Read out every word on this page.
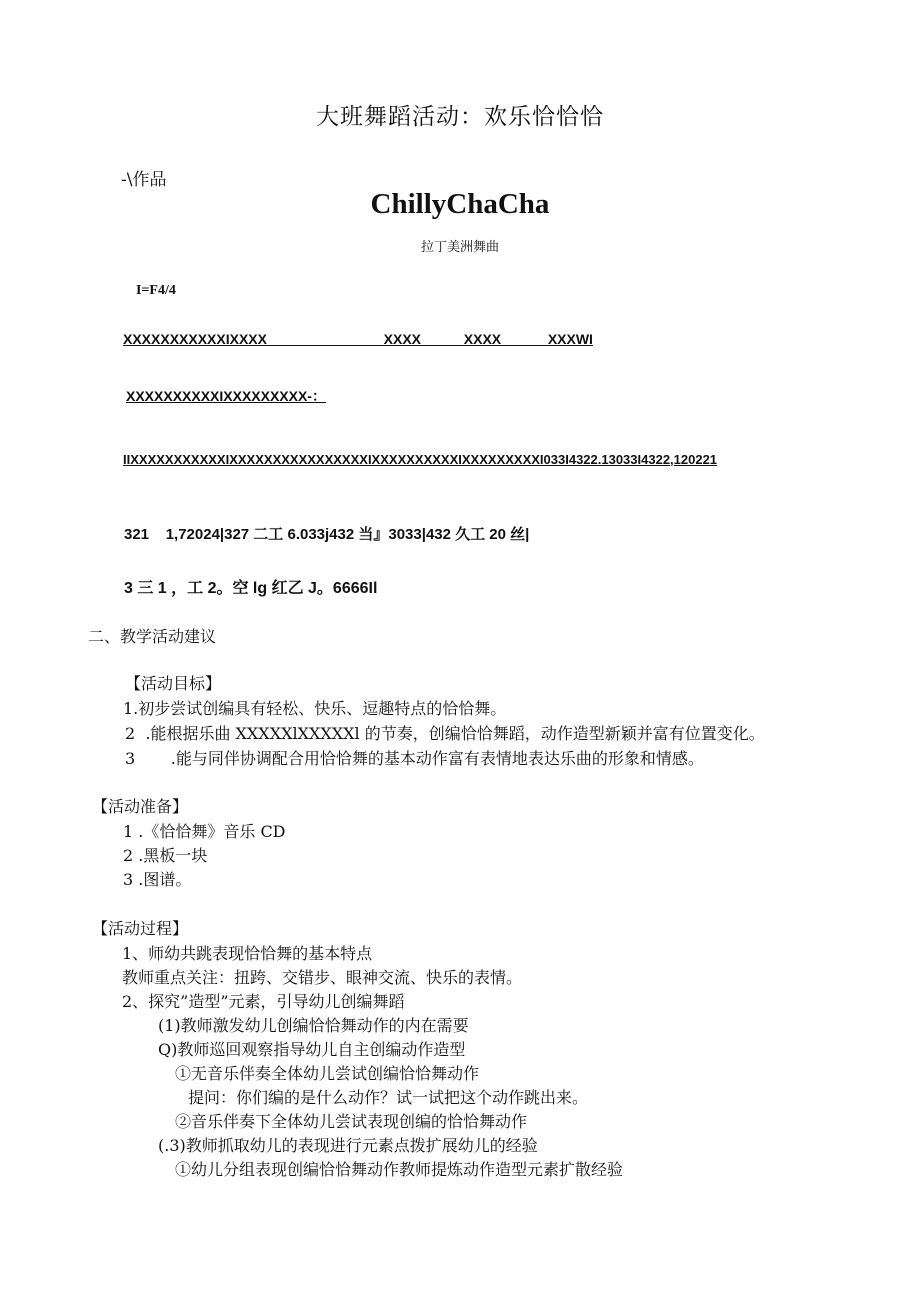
大班舞蹈活动：欢乐恰恰恰
-\作品
ChillyChaCha
拉丁美洲舞曲
I=F4/4
XXXXXXXXXXXIXXXX                              XXXX           XXXX            XXXWI
XXXXXXXXXXIXXXXXXXXX-：
IIXXXXXXXXXXXIXXXXXXXXXXXXXXXXIXXXXXXXXXXIXXXXXXXXXI033I4322.13033I4322,120221
321    1,72024|327 二工 6.033j432 当』3033|432 久工 20 丝|
3 三 1 ，工 2。空 lg 红乙 J。6666Il
二、教学活动建议
【活动目标】
1.初步尝试创编具有轻松、快乐、逗趣特点的恰恰舞。
2  .能根据乐曲 XXXXXlXXXXXl 的节奏，创编恰恰舞蹈，动作造型新颖并富有位置变化。
3       .能与同伴协调配合用恰恰舞的基本动作富有表情地表达乐曲的形象和情感。
【活动准备】
1 .《恰恰舞》音乐 CD
2 .黑板一块
3 .图谱。
【活动过程】
1、师幼共跳表现恰恰舞的基本特点
教师重点关注：扭跨、交错步、眼神交流、快乐的表情。
2、探究”造型”元素，引导幼儿创编舞蹈
(1)教师激发幼儿创编恰恰舞动作的内在需要
Q)教师巡回观察指导幼儿自主创编动作造型
①无音乐伴奏全体幼儿尝试创编恰恰舞动作
提问：你们编的是什么动作？试一试把这个动作跳出来。
②音乐伴奏下全体幼儿尝试表现创编的恰恰舞动作
(.3)教师抓取幼儿的表现进行元素点拨扩展幼儿的经验
①幼儿分组表现创编恰恰舞动作教师提炼动作造型元素扩散经验
